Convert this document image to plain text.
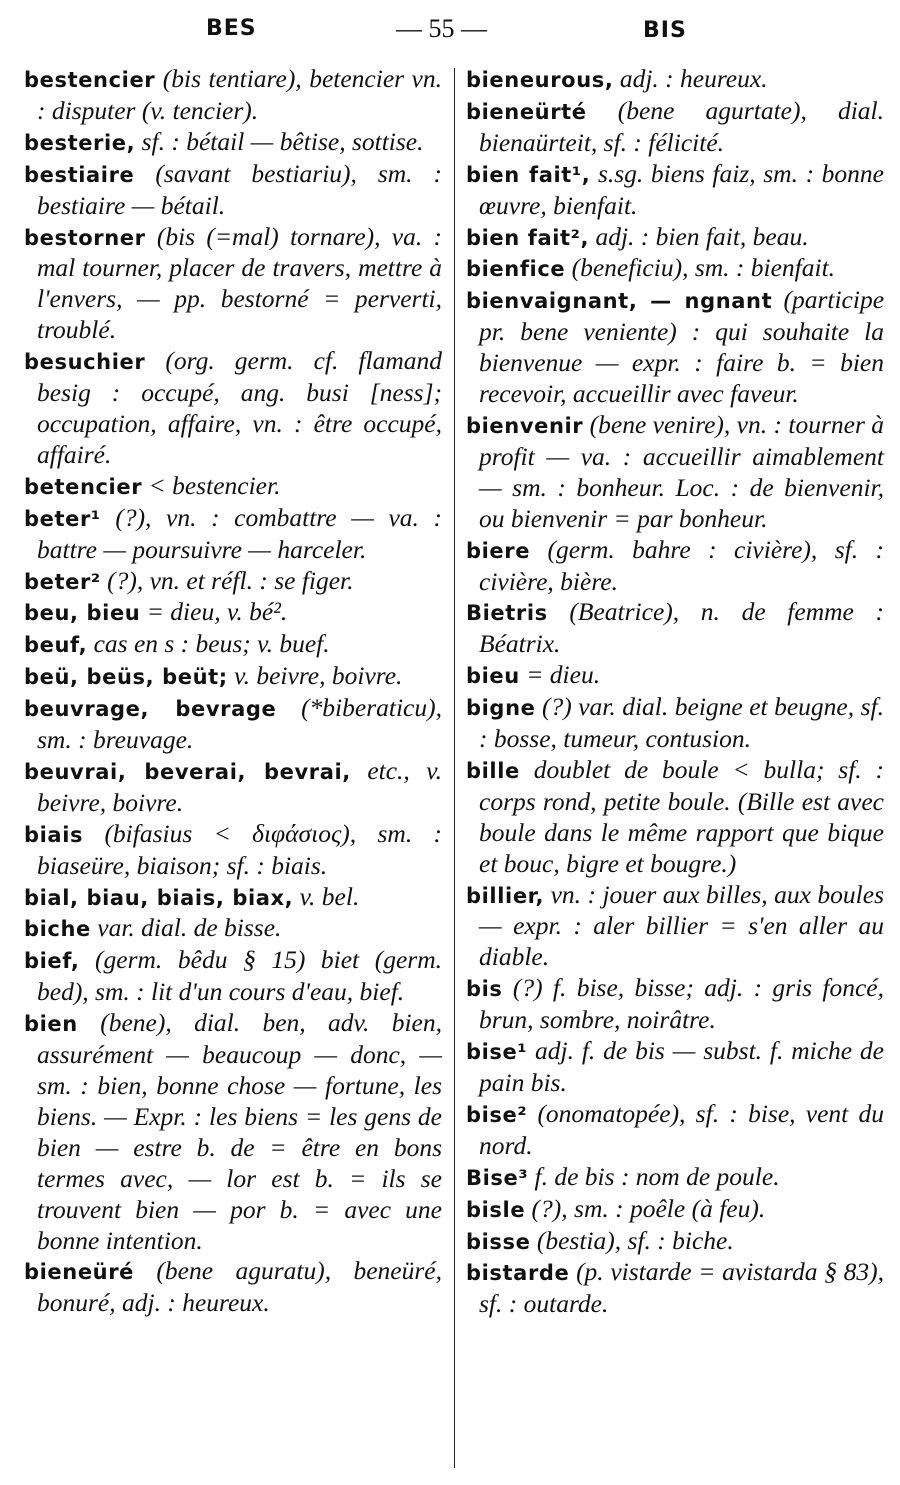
BES	— 55 —	BIS

bestencier (bis tentiare), betencier vn. : disputer (v. tencier).

besterie, sf. : bétail — bêtise, sottise.

bestiaire (savant bestiariu), sm. : bestiaire — bétail.

bestorner (bis (=mal) tornare), va. : mal tourner, placer de travers, mettre à l'envers, — pp. bestorné = perverti, troublé.

besuchier (org. germ. cf. flamand besig : occupé, ang. busi [ness]; occupation, affaire, vn. : être occupé, affairé.

betencier < bestencier.

beter¹ (?), vn. : combattre — va. : battre — poursuivre — harceler.

beter² (?), vn. et réfl. : se figer.

beu, bieu = dieu, v. bé².

beuf, cas en s : beus; v. buef.

beü, beüs, beüt; v. beivre, boivre.

beuvrage, bevrage (*biberaticu), sm. : breuvage.

beuvrai, beverai, bevrai, etc., v. beivre, boivre.

biais (bifasius < διφάσιος), sm. : biaseüre, biaison; sf. : biais.

bial, biau, biais, biax, v. bel.

biche var. dial. de bisse.

bief, (germ. bêdu § 15) biet (germ. bed), sm. : lit d'un cours d'eau, bief.

bien (bene), dial. ben, adv. bien, assurément — beaucoup — donc, — sm. : bien, bonne chose — fortune, les biens. — Expr. : les biens = les gens de bien — estre b. de = être en bons termes avec, — lor est b. = ils se trouvent bien — por b. = avec une bonne intention.

bieneüré (bene aguratu), beneüré, bonuré, adj. : heureux.

bieneurous, adj. : heureux.

bieneürté (bene agurtate), dial. bienaürteit, sf. : félicité.

bien fait¹, s.sg. biens faiz, sm. : bonne œuvre, bienfait.

bien fait², adj. : bien fait, beau.

bienfice (beneficiu), sm. : bienfait.

bienvaignant, — ngnant (participe pr. bene veniente) : qui souhaite la bienvenue — expr. : faire b. = bien recevoir, accueillir avec faveur.

bienvenir (bene venire), vn. : tourner à profit — va. : accueillir aimablement — sm. : bonheur. Loc. : de bienvenir, ou bienvenir = par bonheur.

biere (germ. bahre : civière), sf. : civière, bière.

Bietris (Beatrice), n. de femme : Béatrix.

bieu = dieu.

bigne (?) var. dial. beigne et beugne, sf. : bosse, tumeur, contusion.

bille doublet de boule < bulla; sf. : corps rond, petite boule. (Bille est avec boule dans le même rapport que bique et bouc, bigre et bougre.)

billier, vn. : jouer aux billes, aux boules — expr. : aler billier = s'en aller au diable.

bis (?) f. bise, bisse; adj. : gris foncé, brun, sombre, noirâtre.

bise¹ adj. f. de bis — subst. f. miche de pain bis.

bise² (onomatopée), sf. : bise, vent du nord.

Bise³ f. de bis : nom de poule.

bisle (?), sm. : poêle (à feu).

bisse (bestia), sf. : biche.

bistarde (p. vistarde = avistarda § 83), sf. : outarde.
